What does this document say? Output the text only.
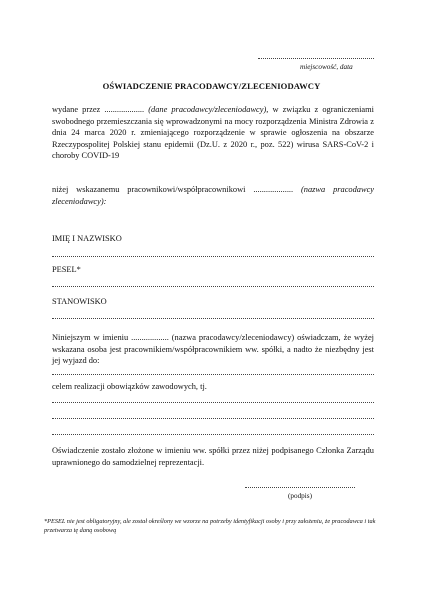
miejscowość, data
OŚWIADCZENIE PRACODAWCY/ZLECENIODAWCY
wydane przez ................... (dane pracodawcy/zleceniodawcy), w związku z ograniczeniami swobodnego przemieszczania się wprowadzonymi na mocy rozporządzenia Ministra Zdrowia z dnia 24 marca 2020 r. zmieniającego rozporządzenie w sprawie ogłoszenia na obszarze Rzeczypospolitej Polskiej stanu epidemii (Dz.U. z 2020 r., poz. 522) wirusa SARS-CoV-2 i choroby COVID-19
niżej wskazanemu pracownikowi/współpracownikowi ................... (nazwa pracodawcy zleceniodawcy):
IMIĘ I NAZWISKO
PESEL*
STANOWISKO
Niniejszym w imieniu .................. (nazwa pracodawcy/zleceniodawcy) oświadczam, że wyżej wskazana osoba jest pracownikiem/współpracownikiem ww. spółki, a nadto że niezbędny jest jej wyjazd do:
celem realizacji obowiązków zawodowych, tj.
Oświadczenie zostało złożone w imieniu ww. spółki przez niżej podpisanego Członka Zarządu uprawnionego do samodzielnej reprezentacji.
(podpis)
*PESEL nie jest obligatoryjny, ale został określony we wzorze na potrzeby identyfikacji osoby i przy założeniu, że pracodawca i tak przetwarza tę daną osobową
